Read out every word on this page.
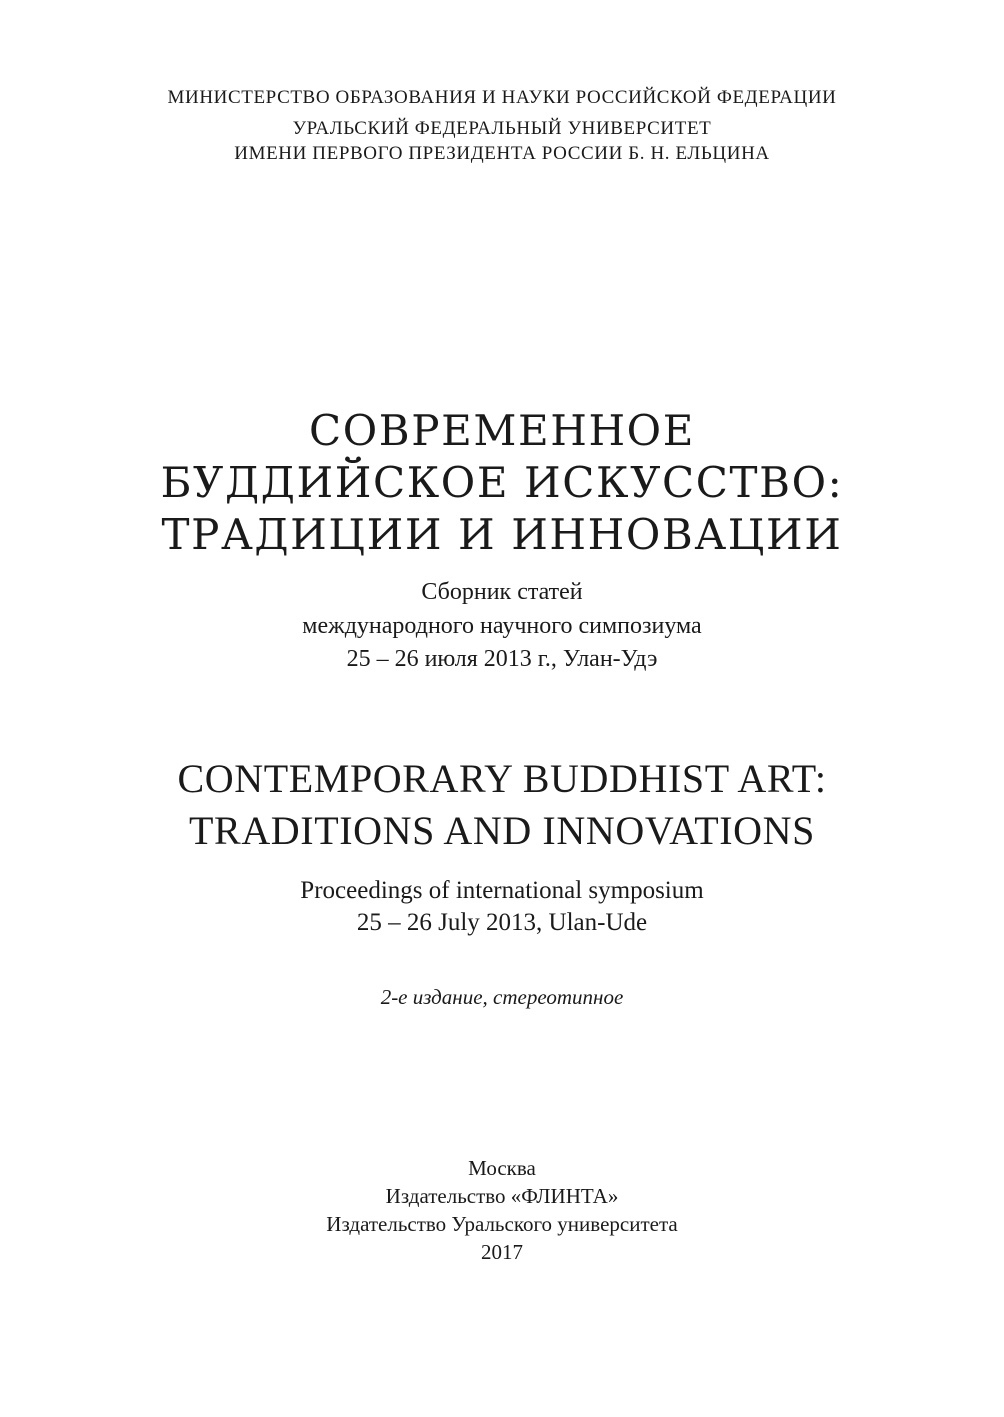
МИНИСТЕРСТВО ОБРАЗОВАНИЯ И НАУКИ РОССИЙСКОЙ ФЕДЕРАЦИИ
УРАЛЬСКИЙ ФЕДЕРАЛЬНЫЙ УНИВЕРСИТЕТ
ИМЕНИ ПЕРВОГО ПРЕЗИДЕНТА РОССИИ Б. Н. ЕЛЬЦИНА
СОВРЕМЕННОЕ
БУДДИЙСКОЕ ИСКУССТВО:
ТРАДИЦИИ И ИННОВАЦИИ
Сборник статей
международного научного симпозиума
25 – 26 июля 2013 г., Улан-Удэ
CONTEMPORARY BUDDHIST ART:
TRADITIONS AND INNOVATIONS
Proceedings of international symposium
25 – 26 July 2013, Ulan-Ude
2-е издание, стереотипное
Москва
Издательство «ФЛИНТА»
Издательство Уральского университета
2017
